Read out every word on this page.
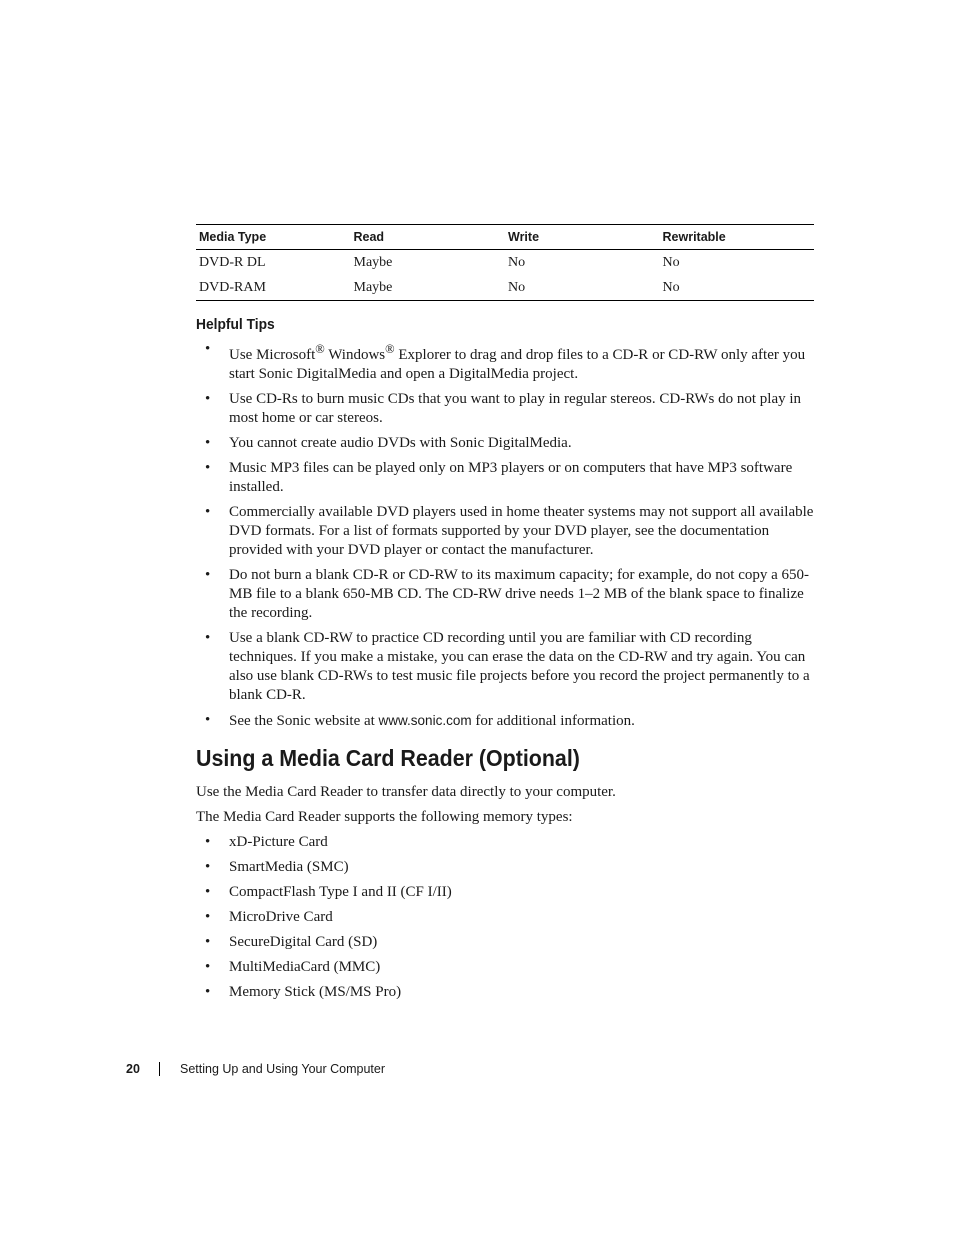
Media Type	Read	Write	Rewritable
DVD-R DL	Maybe	No	No
DVD-RAM	Maybe	No	No
Helpful Tips
• Use Microsoft® Windows® Explorer to drag and drop files to a CD-R or CD-RW only after you start Sonic DigitalMedia and open a DigitalMedia project.
• Use CD-Rs to burn music CDs that you want to play in regular stereos. CD-RWs do not play in most home or car stereos.
• You cannot create audio DVDs with Sonic DigitalMedia.
• Music MP3 files can be played only on MP3 players or on computers that have MP3 software installed.
• Commercially available DVD players used in home theater systems may not support all available DVD formats. For a list of formats supported by your DVD player, see the documentation provided with your DVD player or contact the manufacturer.
• Do not burn a blank CD-R or CD-RW to its maximum capacity; for example, do not copy a 650-MB file to a blank 650-MB CD. The CD-RW drive needs 1–2 MB of the blank space to finalize the recording.
• Use a blank CD-RW to practice CD recording until you are familiar with CD recording techniques. If you make a mistake, you can erase the data on the CD-RW and try again. You can also use blank CD-RWs to test music file projects before you record the project permanently to a blank CD-R.
• See the Sonic website at www.sonic.com for additional information.
Using a Media Card Reader (Optional)

Use the Media Card Reader to transfer data directly to your computer.

The Media Card Reader supports the following memory types:

• xD-Picture Card
• SmartMedia (SMC)
• CompactFlash Type I and II (CF I/II)
• MicroDrive Card
• SecureDigital Card (SD)
• MultiMediaCard (MMC)
• Memory Stick (MS/MS Pro)
20	Setting Up and Using Your Computer
